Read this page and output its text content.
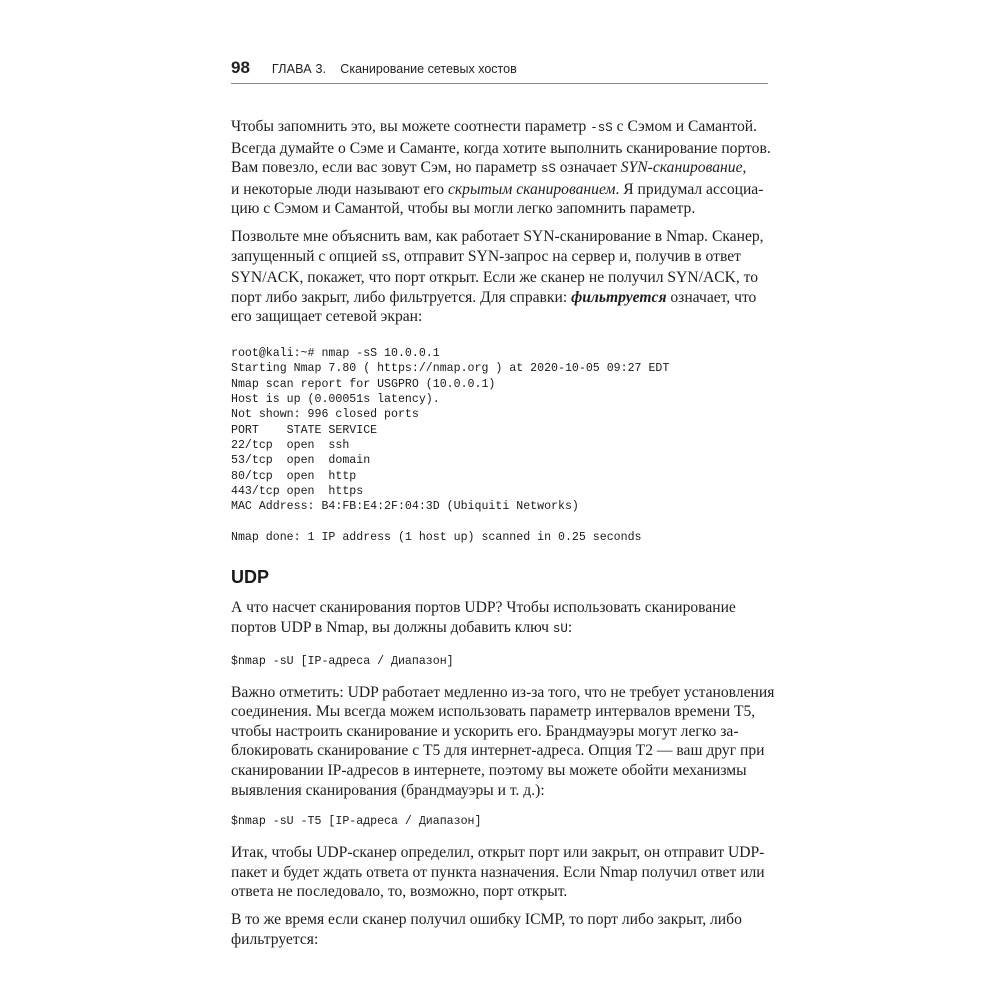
98 ГЛАВА 3. Сканирование сетевых хостов

Чтобы запомнить это, вы можете соотнести параметр -sS с Сэмом и Самантой.
Всегда думайте о Сэме и Саманте, когда хотите выполнить сканирование портов.
Вам повезло, если вас зовут Сэм, но параметр sS означает SYN-сканирование,
и некоторые люди называют его скрытым сканированием. Я придумал ассоциа-
цию с Сэмом и Самантой, чтобы вы могли легко запомнить параметр.

Позвольте мне объяснить вам, как работает SYN-сканирование в Nmap. Сканер,
запущенный с опцией sS, отправит SYN-запрос на сервер и, получив в ответ
SYN/ACK, покажет, что порт открыт. Если же сканер не получил SYN/ACK, то
порт либо закрыт, либо фильтруется. Для справки: фильтруется означает, что
его защищает сетевой экран:

root@kali:~# nmap -sS 10.0.0.1
Starting Nmap 7.80 ( https://nmap.org ) at 2020-10-05 09:27 EDT
Nmap scan report for USGPRO (10.0.0.1)
Host is up (0.00051s latency).
Not shown: 996 closed ports
PORT    STATE SERVICE
22/tcp  open  ssh
53/tcp  open  domain
80/tcp  open  http
443/tcp open  https
MAC Address: B4:FB:E4:2F:04:3D (Ubiquiti Networks)
Nmap done: 1 IP address (1 host up) scanned in 0.25 seconds
UDP

А что насчет сканирования портов UDP? Чтобы использовать сканирование
портов UDP в Nmap, вы должны добавить ключ sU:

$nmap -sU [IP-адреса / Диапазон]

Важно отметить: UDP работает медленно из-за того, что не требует установления
соединения. Мы всегда можем использовать параметр интервалов времени T5,
чтобы настроить сканирование и ускорить его. Брандмауэры могут легко за-
блокировать сканирование с T5 для интернет-адреса. Опция T2 — ваш друг при
сканировании IP-адресов в интернете, поэтому вы можете обойти механизмы
выявления сканирования (брандмауэры и т. д.):

$nmap -sU -T5 [IP-адреса / Диапазон]

Итак, чтобы UDP-сканер определил, открыт порт или закрыт, он отправит UDP-
пакет и будет ждать ответа от пункта назначения. Если Nmap получил ответ или
ответа не последовало, то, возможно, порт открыт.

В то же время если сканер получил ошибку ICMP, то порт либо закрыт, либо
фильтруется:
